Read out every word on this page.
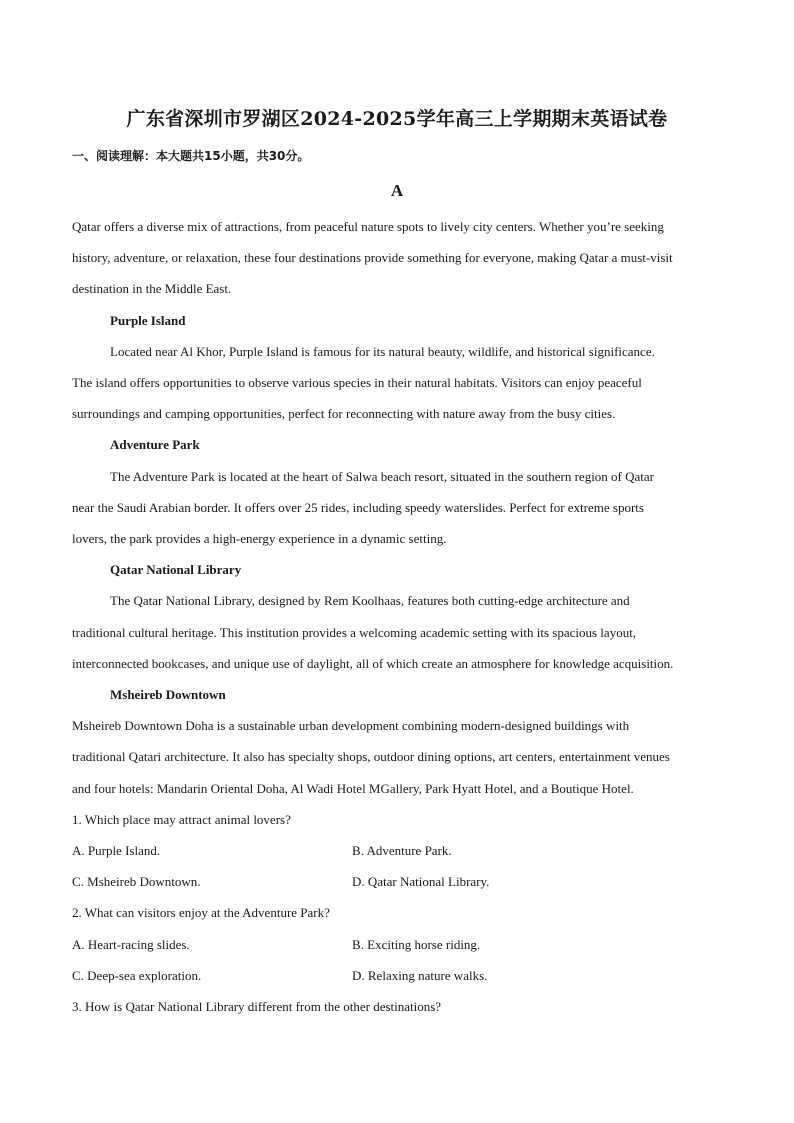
广东省深圳市罗湖区2024-2025学年高三上学期期末英语试卷
一、阅读理解：本大题共15小题，共30分。
A
Qatar offers a diverse mix of attractions, from peaceful nature spots to lively city centers. Whether you’re seeking
history, adventure, or relaxation, these four destinations provide something for everyone, making Qatar a must-visit
destination in the Middle East.
Purple Island
Located near Al Khor, Purple Island is famous for its natural beauty, wildlife, and historical significance.
The island offers opportunities to observe various species in their natural habitats. Visitors can enjoy peaceful
surroundings and camping opportunities, perfect for reconnecting with nature away from the busy cities.
Adventure Park
The Adventure Park is located at the heart of Salwa beach resort, situated in the southern region of Qatar
near the Saudi Arabian border. It offers over 25 rides, including speedy waterslides. Perfect for extreme sports
lovers, the park provides a high-energy experience in a dynamic setting.
Qatar National Library
The Qatar National Library, designed by Rem Koolhaas, features both cutting-edge architecture and
traditional cultural heritage. This institution provides a welcoming academic setting with its spacious layout,
interconnected bookcases, and unique use of daylight, all of which create an atmosphere for knowledge acquisition.
Msheireb Downtown
Msheireb Downtown Doha is a sustainable urban development combining modern-designed buildings with
traditional Qatari architecture. It also has specialty shops, outdoor dining options, art centers, entertainment venues
and four hotels: Mandarin Oriental Doha, Al Wadi Hotel MGallery, Park Hyatt Hotel, and a Boutique Hotel.
1. Which place may attract animal lovers?
A. Purple Island.	B. Adventure Park.
C. Msheireb Downtown.	D. Qatar National Library.
2. What can visitors enjoy at the Adventure Park?
A. Heart-racing slides.	B. Exciting horse riding.
C. Deep-sea exploration.	D. Relaxing nature walks.
3. How is Qatar National Library different from the other destinations?
